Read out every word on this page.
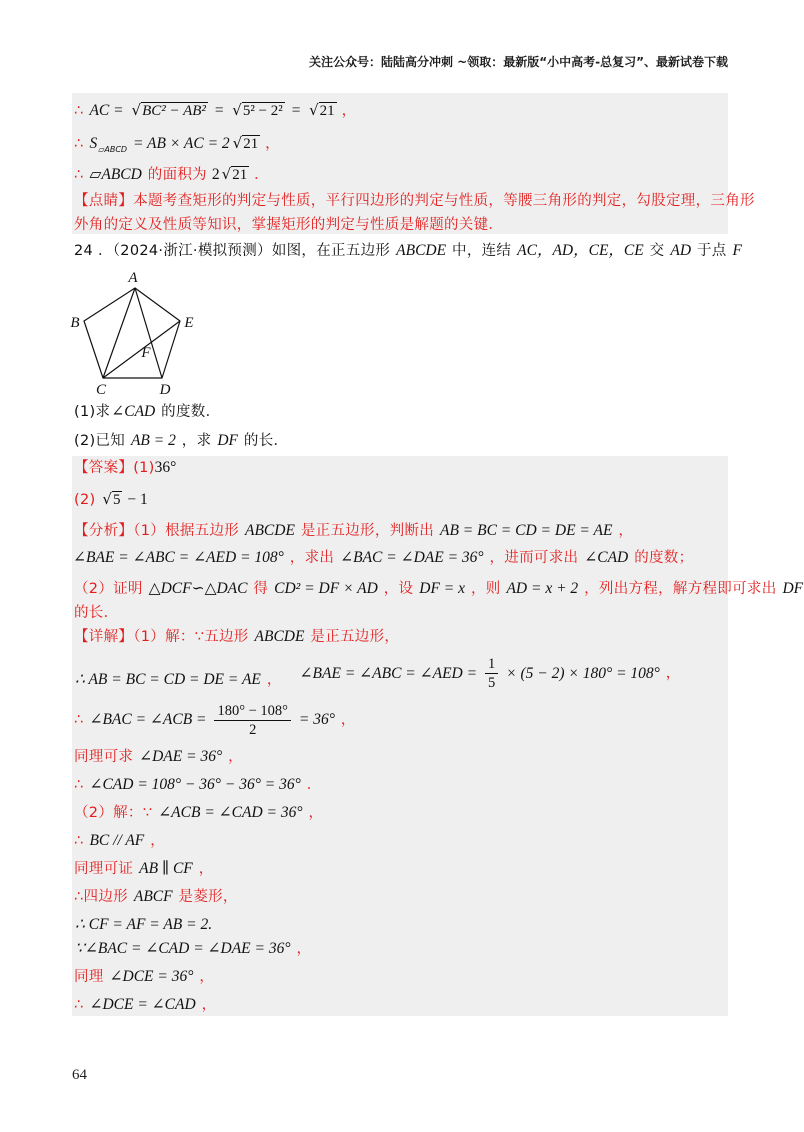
关注公众号：陆陆高分冲刺 ~领取：最新版“小中高考-总复习”、最新试卷下载
∴ AC = √BC² − AB² = √5² − 2² = √21 ，
∴ $S_{▱ABCD}$ = AB × AC = 2 √21 ，
∴ ▱ABCD 的面积为 2 √21 ．
【点睛】本题考查矩形的判定与性质，平行四边形的判定与性质，等腰三角形的判定，勾股定理，三角形
外角的定义及性质等知识，掌握矩形的判定与性质是解题的关键．
24 ．（2024·浙江·模拟预测）如图，在正五边形 ABCDE 中，连结 AC，AD，CE，CE 交 AD 于点 F
A
B
C	D
E
F
(1)求∠CAD 的度数．
(2)已知 AB = 2 ，求 DF 的长．
【答案】(1)36°
(2) √5 − 1
【分析】（1）根据五边形 ABCDE 是正五边形，判断出 AB = BC = CD = DE = AE ，
∠BAE = ∠ABC = ∠AED = 108° ，求出 ∠BAC = ∠DAE = 36° ，进而可求出 ∠CAD 的度数；
（2）证明 △DCF∽△DAC 得 CD² = DF × AD ，设 DF = x ，则 AD = x + 2 ，列出方程，解方程即可求出 DF
的长．
【详解】（1）解：∵五边形 ABCDE 是正五边形，
∴ AB = BC = CD = DE = AE ， ∠BAE = ∠ABC = ∠AED = $\frac{1}{5} \times (5 - 2) \times 180^\circ = 108^\circ$ ，
∴ ∠BAC = ∠ACB = $\frac{180^\circ - 108^\circ}{2} = 36^\circ$ ，
同理可求 ∠DAE = 36° ，
∴ ∠CAD = 108° − 36° − 36° = 36° ．
（2）解：∵ ∠ACB = ∠CAD = 36° ，
∴ BC // AF ，
同理可证 AB ∥ CF ，
∴四边形 ABCF 是菱形，
∴ CF = AF = AB = 2.
∵∠BAC = ∠CAD = ∠DAE = 36° ，
同理 ∠DCE = 36° ，
∴ ∠DCE = ∠CAD ，
64
